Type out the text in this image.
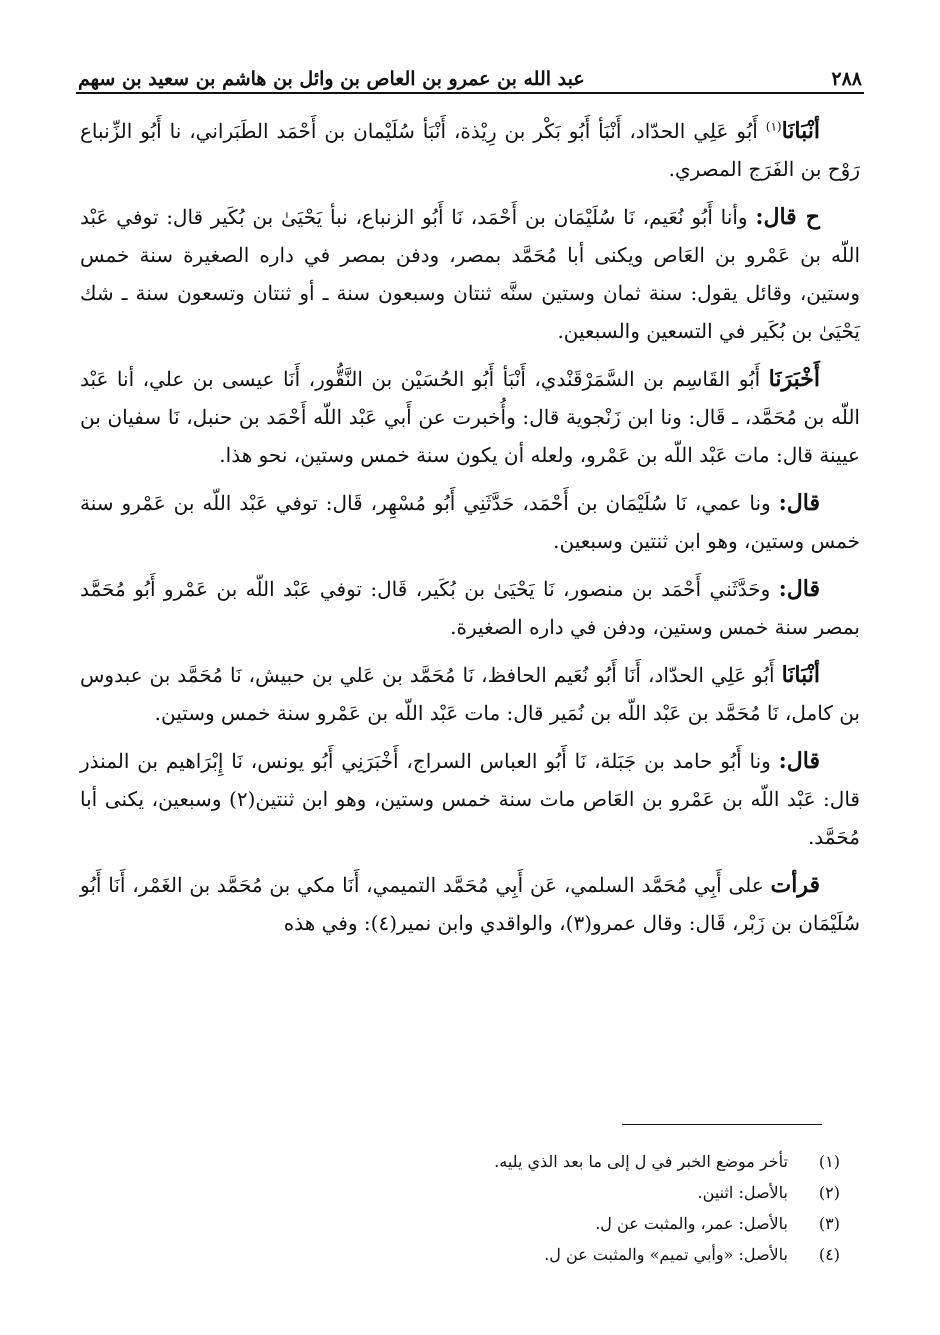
٢٨٨
عبد الله بن عمرو بن العاص بن وائل بن هاشم بن سعيد بن سهم

أنْبَانَا$^{(١)}$ أَبُو عَلِي الحدّاد، أَنْبَأ أَبُو بَكْر بن رِيْذة، أَنْبَأ سُلَيْمان بن أَحْمَد الطَبَراني، نا أَبُو الزِّنباع رَوْح بن الفَرَج المصري.

ح قال: وأنا أَبُو نُعَيم، نَا سُلَيْمَان بن أَحْمَد، نَا أَبُو الزنباع، نبأ يَحْيَىٰ بن بُكَير قال: توفي عَبْد اللّه بن عَمْرو بن العَاص ويكنى أبا مُحَمَّد بمصر، ودفن بمصر في داره الصغيرة سنة خمس وستين، وقائل يقول: سنة ثمان وستين سنَّه ثنتان وسبعون سنة ـ أو ثنتان وتسعون سنة ـ شك يَحْيَىٰ بن بُكَير في التسعين والسبعين.

أَخْبَرَنَا أَبُو القَاسِم بن السَّمَرْقَنْدي، أَنْبَأ أَبُو الحُسَيْن بن النَّقُّور، أَنَا عيسى بن علي، أنا عَبْد اللّه بن مُحَمَّد، ـ قَال: ونا ابن زَنْجوية قال: وأُخبرت عن أَبي عَبْد اللّه أَحْمَد بن حنبل، نَا سفيان بن عيينة قال: مات عَبْد اللّه بن عَمْرو، ولعله أن يكون سنة خمس وستين، نحو هذا.

قال: ونا عمي، نَا سُلَيْمَان بن أَحْمَد، حَدَّثَنِي أَبُو مُسْهِر، قَال: توفي عَبْد اللّه بن عَمْرو سنة خمس وستين، وهو ابن ثنتين وسبعين.

قال: وحَدَّثَني أَحْمَد بن منصور، نَا يَحْيَىٰ بن بُكَير، قَال: توفي عَبْد اللّه بن عَمْرو أَبُو مُحَمَّد بمصر سنة خمس وستين، ودفن في داره الصغيرة.

أنْبَانَا أَبُو عَلِي الحدّاد، أَنَا أَبُو نُعَيم الحافظ، نَا مُحَمَّد بن عَلي بن حبيش، نَا مُحَمَّد بن عبدوس بن كامل، نَا مُحَمَّد بن عَبْد اللّه بن نُمَير قال: مات عَبْد اللّه بن عَمْرو سنة خمس وستين.

قال: ونا أَبُو حامد بن جَبَلة، نَا أَبُو العباس السراج، أَخْبَرَنِي أَبُو يونس، نَا إِبْرَاهيم بن المنذر قال: عَبْد اللّه بن عَمْرو بن العَاص مات سنة خمس وستين، وهو ابن ثنتين(٢) وسبعين، يكنى أبا مُحَمَّد.

قرأت على أَبِي مُحَمَّد السلمي، عَن أَبِي مُحَمَّد التميمي، أَنَا مكي بن مُحَمَّد بن الغَمْر، أَنَا أَبُو سُلَيْمَان بن زَبْر، قَال: وقال عمرو(٣)، والواقدي وابن نمير(٤): وفي هذه

(١)
تأخر موضع الخبر في ل إلى ما بعد الذي يليه.
(٢)
بالأصل: اثنين.
(٣)
بالأصل: عمر، والمثبت عن ل.
(٤)
بالأصل: «وأبي تميم» والمثبت عن ل.
